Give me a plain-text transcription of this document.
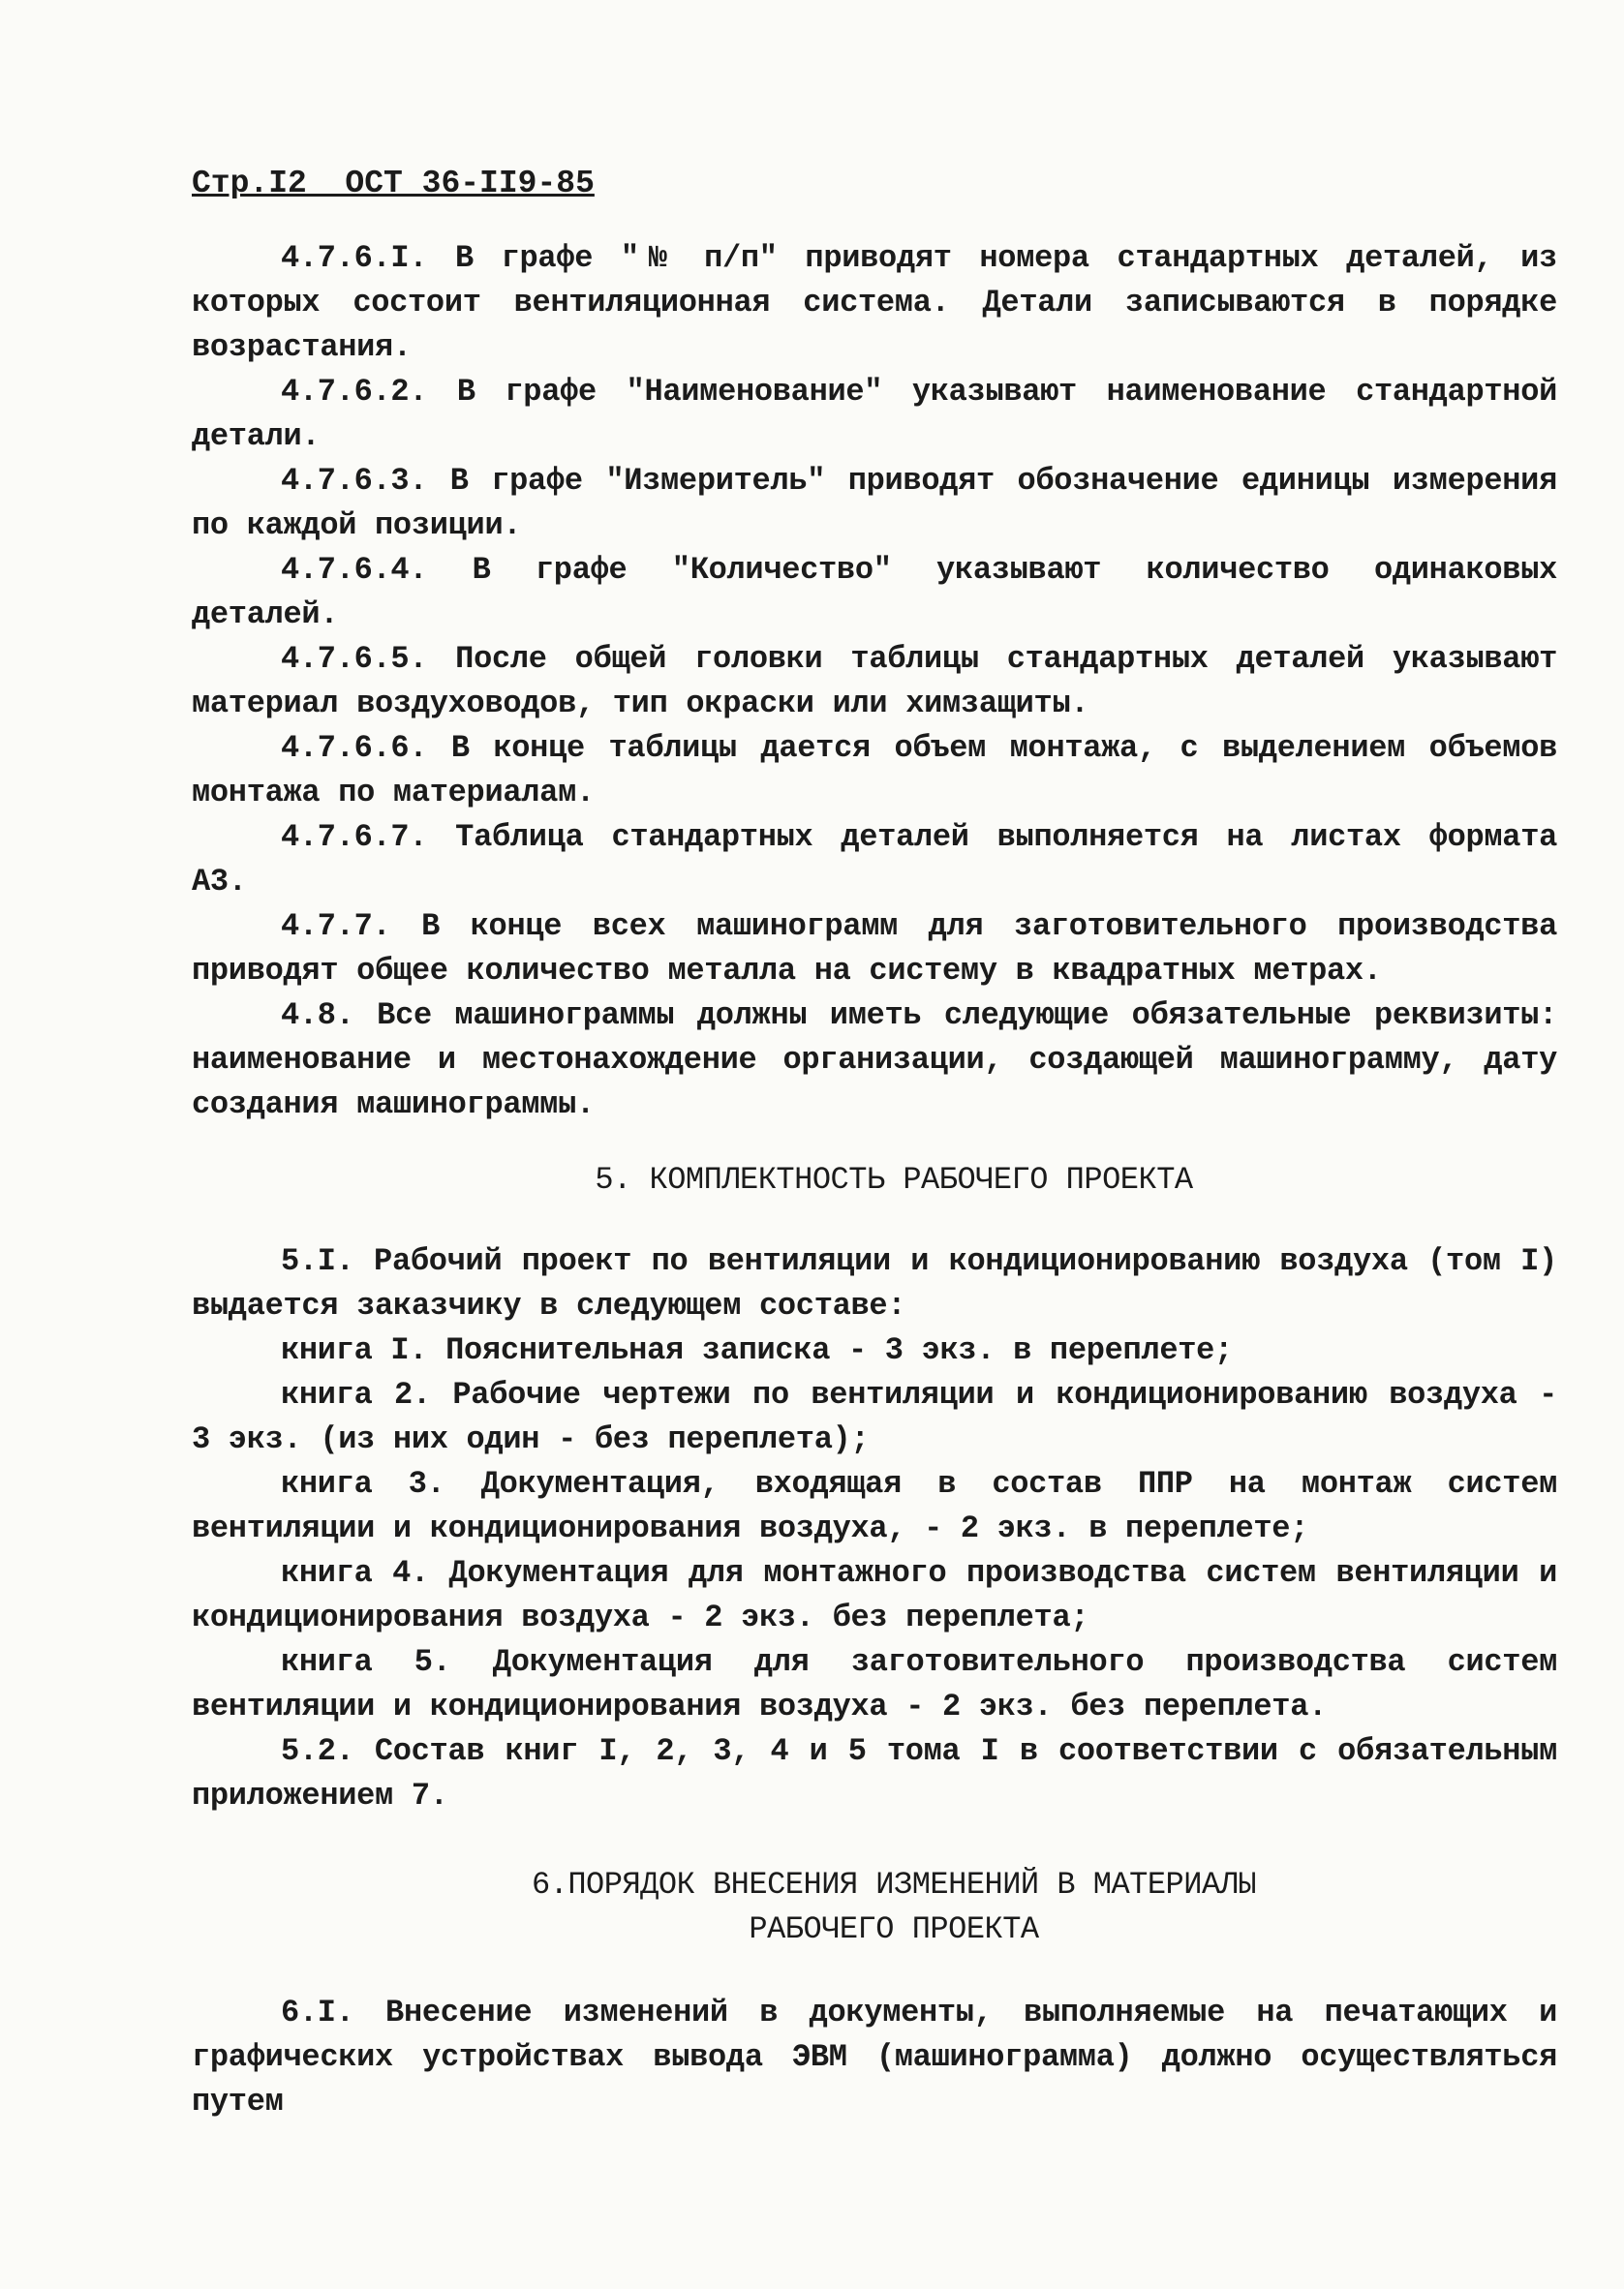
Стр.I2  ОСТ 36-II9-85

4.7.6.I. В графе "№ п/п" приводят номера стандартных деталей, из которых состоит вентиляционная система. Детали записываются в порядке возрастания.

4.7.6.2. В графе "Наименование" указывают наименование стандартной детали.

4.7.6.3. В графе "Измеритель" приводят обозначение единицы измерения по каждой позиции.

4.7.6.4. В графе "Количество" указывают количество одинаковых деталей.

4.7.6.5. После общей головки таблицы стандартных деталей указывают материал воздуховодов, тип окраски или химзащиты.

4.7.6.6. В конце таблицы дается объем монтажа, с выделением объемов монтажа по материалам.

4.7.6.7. Таблица стандартных деталей выполняется на листах формата А3.

4.7.7. В конце всех машинограмм для заготовительного производства приводят общее количество металла на систему в квадратных метрах.

4.8. Все машинограммы должны иметь следующие обязательные реквизиты: наименование и местонахождение организации, создающей машинограмму, дату создания машинограммы.

5. КОМПЛЕКТНОСТЬ РАБОЧЕГО ПРОЕКТА

5.I. Рабочий проект по вентиляции и кондиционированию воздуха (том I) выдается заказчику в следующем составе:

книга I. Пояснительная записка - 3 экз. в переплете;

книга 2. Рабочие чертежи по вентиляции и кондиционированию воздуха - 3 экз. (из них один - без переплета);

книга 3. Документация, входящая в состав ППР на монтаж систем вентиляции и кондиционирования воздуха, - 2 экз. в переплете;

книга 4. Документация для монтажного производства систем вентиляции и кондиционирования воздуха - 2 экз. без переплета;

книга 5. Документация для заготовительного производства систем вентиляции и кондиционирования воздуха - 2 экз. без переплета.

5.2. Состав книг I, 2, 3, 4 и 5 тома I в соответствии с обязательным приложением 7.

6.ПОРЯДОК ВНЕСЕНИЯ ИЗМЕНЕНИЙ В МАТЕРИАЛЫ
РАБОЧЕГО ПРОЕКТА

6.I. Внесение изменений в документы, выполняемые на печатающих и графических устройствах вывода ЭВМ (машинограмма) должно осуществляться путем
